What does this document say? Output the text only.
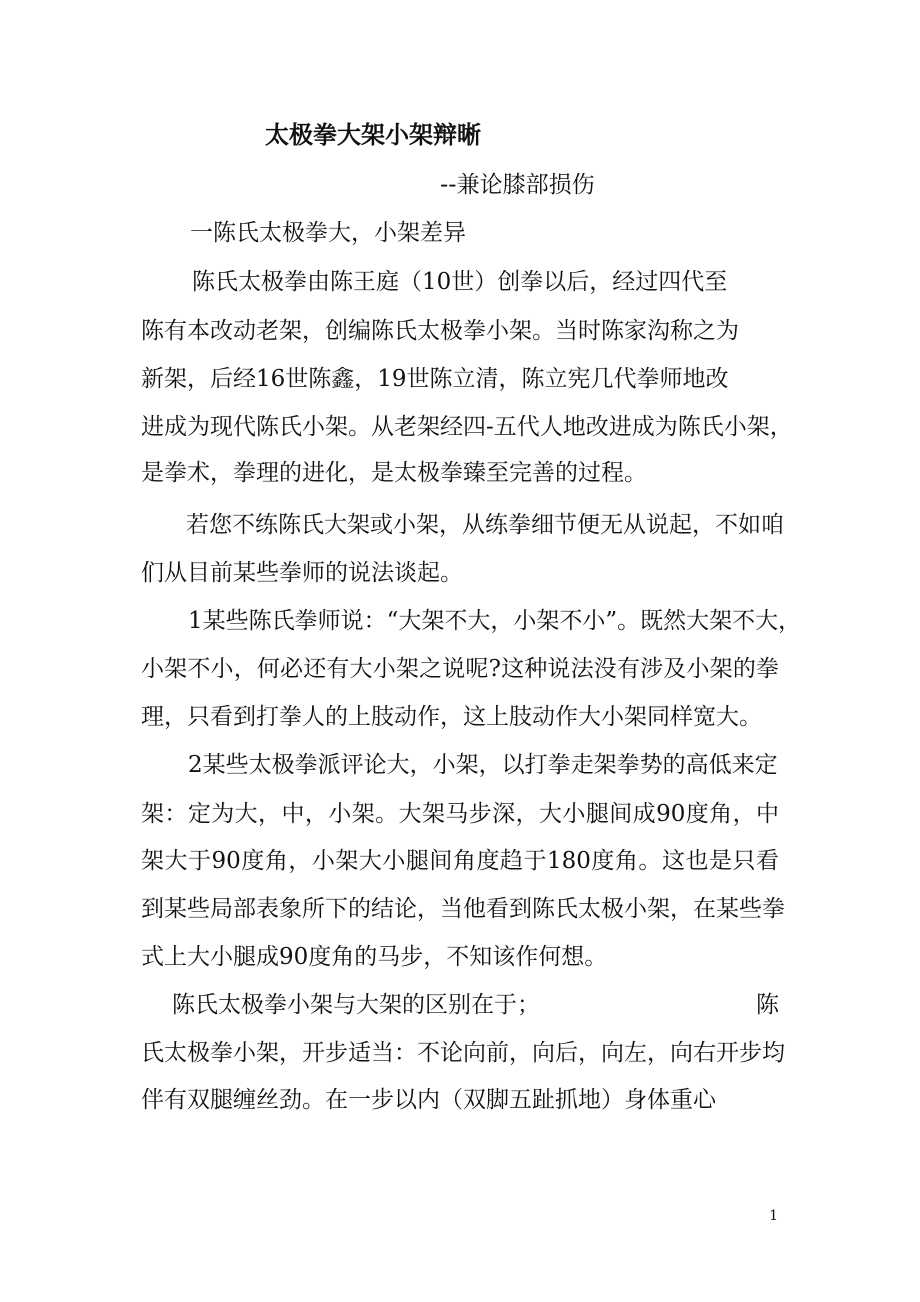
太极拳大架小架辩晰
--兼论膝部损伤
一陈氏太极拳大，小架差异
陈氏太极拳由陈王庭（10世）创拳以后，经过四代至
陈有本改动老架，创编陈氏太极拳小架。当时陈家沟称之为
新架，后经16世陈鑫，19世陈立清，陈立宪几代拳师地改
进成为现代陈氏小架。从老架经四-五代人地改进成为陈氏小架，
是拳术，拳理的进化，是太极拳臻至完善的过程。
若您不练陈氏大架或小架，从练拳细节便无从说起，不如咱
们从目前某些拳师的说法谈起。
1某些陈氏拳师说：“大架不大，小架不小”。既然大架不大，
小架不小，何必还有大小架之说呢?这种说法没有涉及小架的拳
理，只看到打拳人的上肢动作，这上肢动作大小架同样宽大。
2某些太极拳派评论大，小架，以打拳走架拳势的高低来定
架：定为大，中，小架。大架马步深，大小腿间成90度角，中
架大于90度角，小架大小腿间角度趋于180度角。这也是只看
到某些局部表象所下的结论，当他看到陈氏太极小架，在某些拳
式上大小腿成90度角的马步，不知该作何想。
陈氏太极拳小架与大架的区别在于；	陈
氏太极拳小架，开步适当：不论向前，向后，向左，向右开步均
伴有双腿缠丝劲。在一步以内（双脚五趾抓地）身体重心
1
